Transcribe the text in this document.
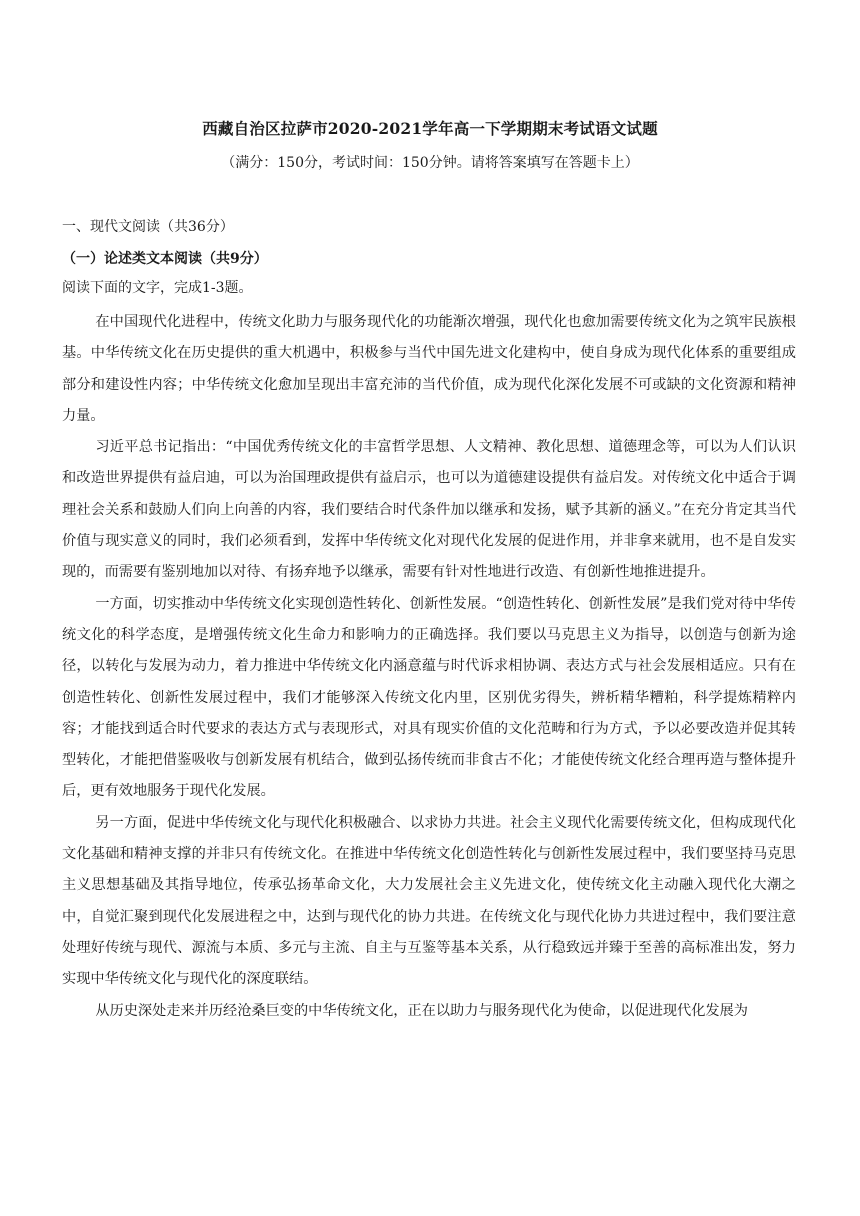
西藏自治区拉萨市2020-2021学年高一下学期期末考试语文试题
（满分：150分，考试时间：150分钟。请将答案填写在答题卡上）
一、现代文阅读（共36分）
（一）论述类文本阅读（共9分）
阅读下面的文字，完成1-3题。

在中国现代化进程中，传统文化助力与服务现代化的功能渐次增强，现代化也愈加需要传统文化为之筑牢民族根基。中华传统文化在历史提供的重大机遇中，积极参与当代中国先进文化建构中，使自身成为现代化体系的重要组成部分和建设性内容；中华传统文化愈加呈现出丰富充沛的当代价值，成为现代化深化发展不可或缺的文化资源和精神力量。

习近平总书记指出：“中国优秀传统文化的丰富哲学思想、人文精神、教化思想、道德理念等，可以为人们认识和改造世界提供有益启迪，可以为治国理政提供有益启示，也可以为道德建设提供有益启发。对传统文化中适合于调理社会关系和鼓励人们向上向善的内容，我们要结合时代条件加以继承和发扬，赋予其新的涵义。”在充分肯定其当代价值与现实意义的同时，我们必须看到，发挥中华传统文化对现代化发展的促进作用，并非拿来就用，也不是自发实现的，而需要有鉴别地加以对待、有扬弃地予以继承，需要有针对性地进行改造、有创新性地推进提升。

一方面，切实推动中华传统文化实现创造性转化、创新性发展。“创造性转化、创新性发展”是我们党对待中华传统文化的科学态度，是增强传统文化生命力和影响力的正确选择。我们要以马克思主义为指导，以创造与创新为途径，以转化与发展为动力，着力推进中华传统文化内涵意蕴与时代诉求相协调、表达方式与社会发展相适应。只有在创造性转化、创新性发展过程中，我们才能够深入传统文化内里，区别优劣得失，辨析精华糟粕，科学提炼精粹内容；才能找到适合时代要求的表达方式与表现形式，对具有现实价值的文化范畴和行为方式，予以必要改造并促其转型转化，才能把借鉴吸收与创新发展有机结合，做到弘扬传统而非食古不化；才能使传统文化经合理再造与整体提升后，更有效地服务于现代化发展。

另一方面，促进中华传统文化与现代化积极融合、以求协力共进。社会主义现代化需要传统文化，但构成现代化文化基础和精神支撑的并非只有传统文化。在推进中华传统文化创造性转化与创新性发展过程中，我们要坚持马克思主义思想基础及其指导地位，传承弘扬革命文化，大力发展社会主义先进文化，使传统文化主动融入现代化大潮之中，自觉汇聚到现代化发展进程之中，达到与现代化的协力共进。在传统文化与现代化协力共进过程中，我们要注意处理好传统与现代、源流与本质、多元与主流、自主与互鉴等基本关系，从行稳致远并臻于至善的高标准出发，努力实现中华传统文化与现代化的深度联结。

从历史深处走来并历经沧桑巨变的中华传统文化，正在以助力与服务现代化为使命，以促进现代化发展为
